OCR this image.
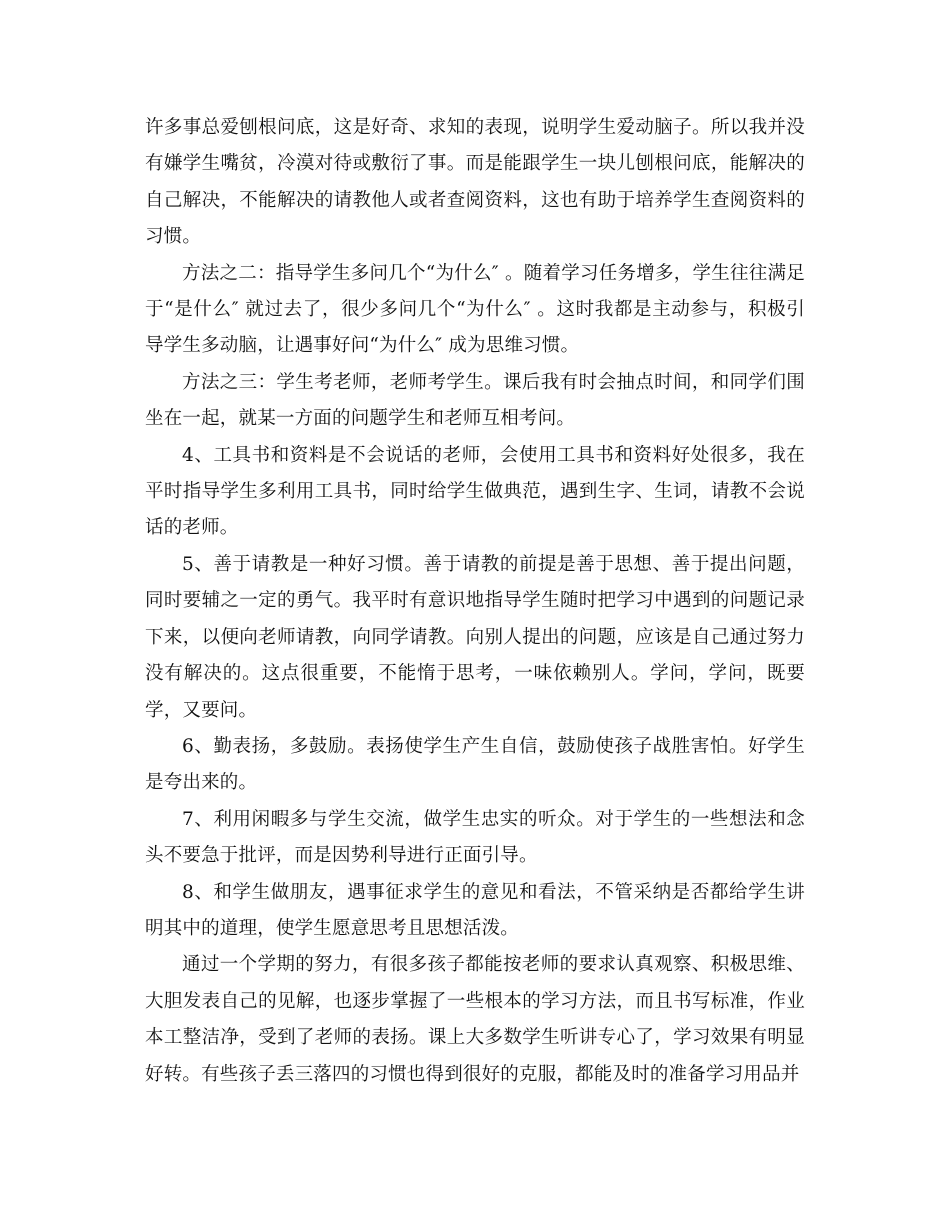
许多事总爱刨根问底，这是好奇、求知的表现，说明学生爱动脑子。所以我并没有嫌学生嘴贫，冷漠对待或敷衍了事。而是能跟学生一块儿刨根问底，能解决的自己解决，不能解决的请教他人或者查阅资料，这也有助于培养学生查阅资料的习惯。

方法之二：指导学生多问几个“为什么″ 。随着学习任务增多，学生往往满足于“是什么″ 就过去了，很少多问几个“为什么″ 。这时我都是主动参与，积极引导学生多动脑，让遇事好问“为什么″ 成为思维习惯。

方法之三：学生考老师，老师考学生。课后我有时会抽点时间，和同学们围坐在一起，就某一方面的问题学生和老师互相考问。

4、工具书和资料是不会说话的老师，会使用工具书和资料好处很多，我在平时指导学生多利用工具书，同时给学生做典范，遇到生字、生词，请教不会说话的老师。

5、善于请教是一种好习惯。善于请教的前提是善于思想、善于提出问题，同时要辅之一定的勇气。我平时有意识地指导学生随时把学习中遇到的问题记录下来，以便向老师请教，向同学请教。向别人提出的问题，应该是自己通过努力没有解决的。这点很重要，不能惰于思考，一味依赖别人。学问，学问，既要学，又要问。

6、勤表扬，多鼓励。表扬使学生产生自信，鼓励使孩子战胜害怕。好学生是夸出来的。

7、利用闲暇多与学生交流，做学生忠实的听众。对于学生的一些想法和念头不要急于批评，而是因势利导进行正面引导。

8、和学生做朋友，遇事征求学生的意见和看法，不管采纳是否都给学生讲明其中的道理，使学生愿意思考且思想活泼。

通过一个学期的努力，有很多孩子都能按老师的要求认真观察、积极思维、大胆发表自己的见解，也逐步掌握了一些根本的学习方法，而且书写标准，作业本工整洁净，受到了老师的表扬。课上大多数学生听讲专心了，学习效果有明显好转。有些孩子丢三落四的习惯也得到很好的克服，都能及时的准备学习用品并
